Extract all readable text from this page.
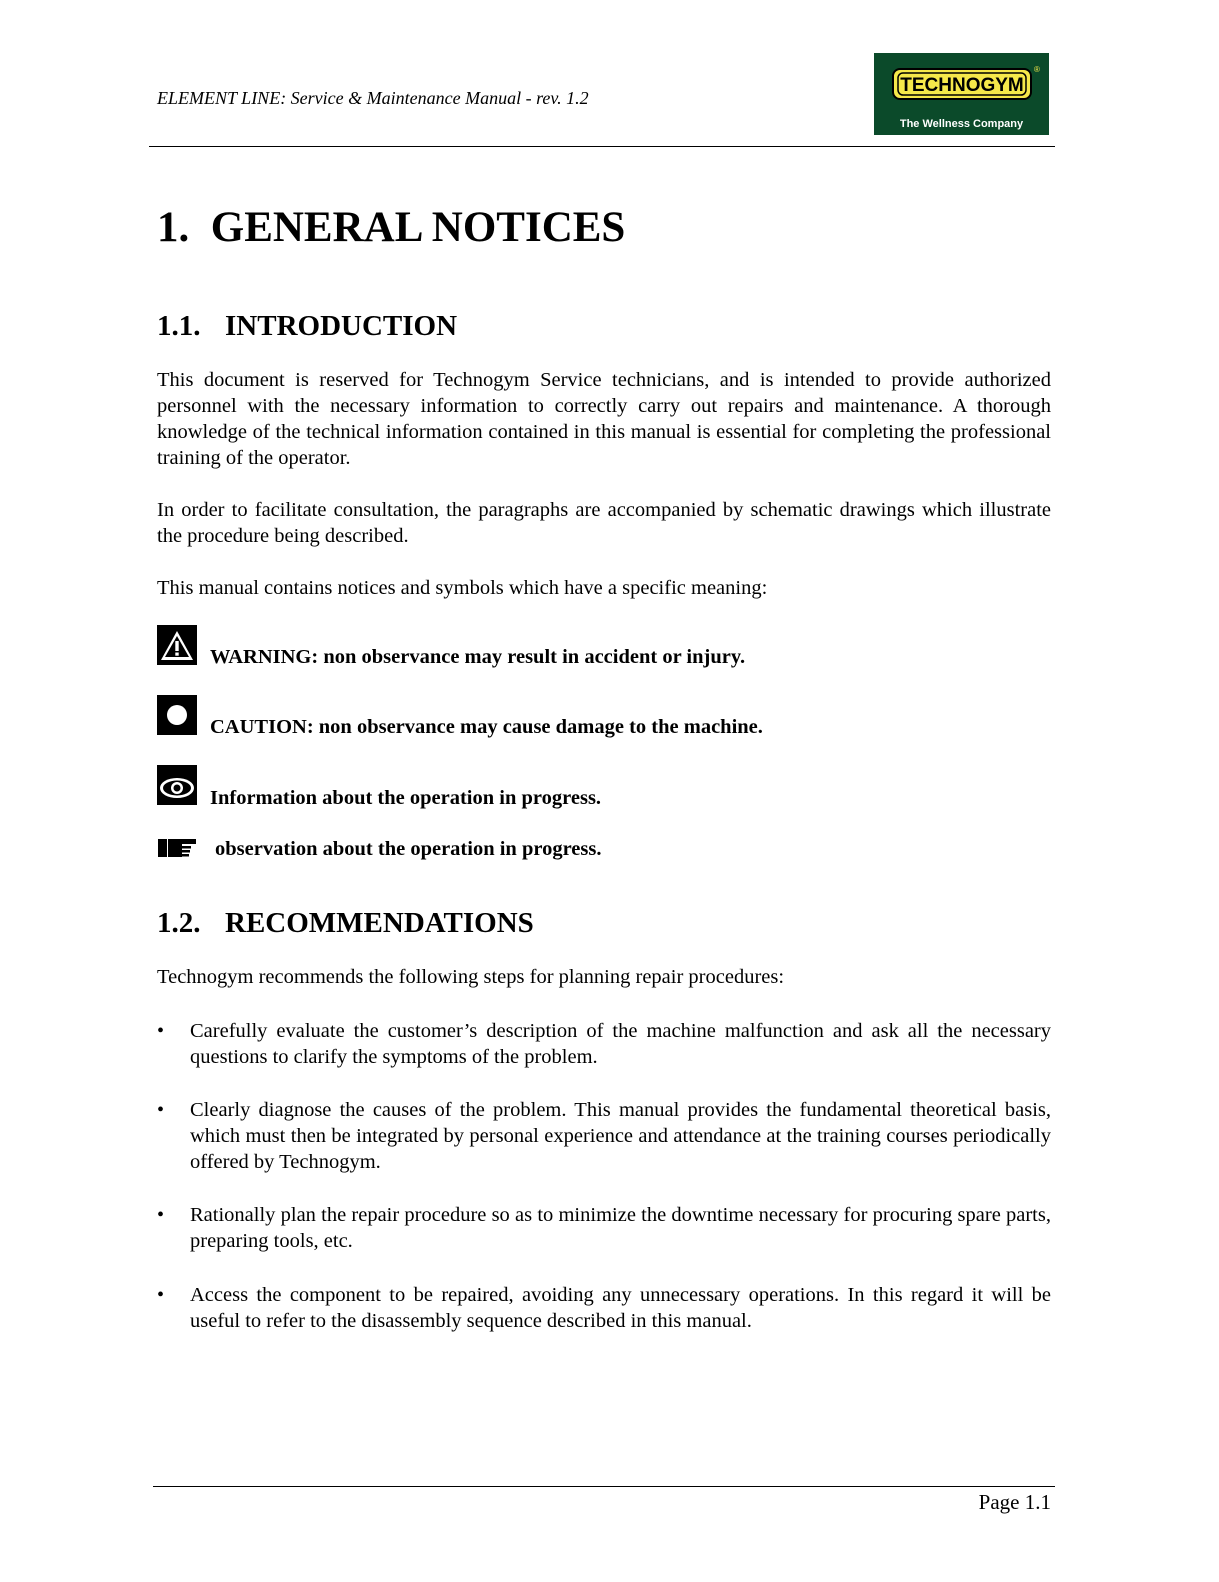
ELEMENT LINE: Service & Maintenance Manual - rev. 1.2
TECHNOGYM
®
The Wellness Company
1. GENERAL NOTICES
1.1. INTRODUCTION

This document is reserved for Technogym Service technicians, and is intended to provide authorized personnel with the necessary information to correctly carry out repairs and maintenance. A thorough knowledge of the technical information contained in this manual is essential for completing the professional training of the operator.

In order to facilitate consultation, the paragraphs are accompanied by schematic drawings which illustrate the procedure being described.

This manual contains notices and symbols which have a specific meaning:

WARNING: non observance may result in accident or injury.
CAUTION: non observance may cause damage to the machine.
Information about the operation in progress.
observation about the operation in progress.
1.2. RECOMMENDATIONS

Technogym recommends the following steps for planning repair procedures:

• Carefully evaluate the customer’s description of the machine malfunction and ask all the necessary questions to clarify the symptoms of the problem.

• Clearly diagnose the causes of the problem. This manual provides the fundamental theoretical basis, which must then be integrated by personal experience and attendance at the training courses periodically offered by Technogym.

• Rationally plan the repair procedure so as to minimize the downtime necessary for procuring spare parts, preparing tools, etc.

• Access the component to be repaired, avoiding any unnecessary operations. In this regard it will be useful to refer to the disassembly sequence described in this manual.

Page 1.1
